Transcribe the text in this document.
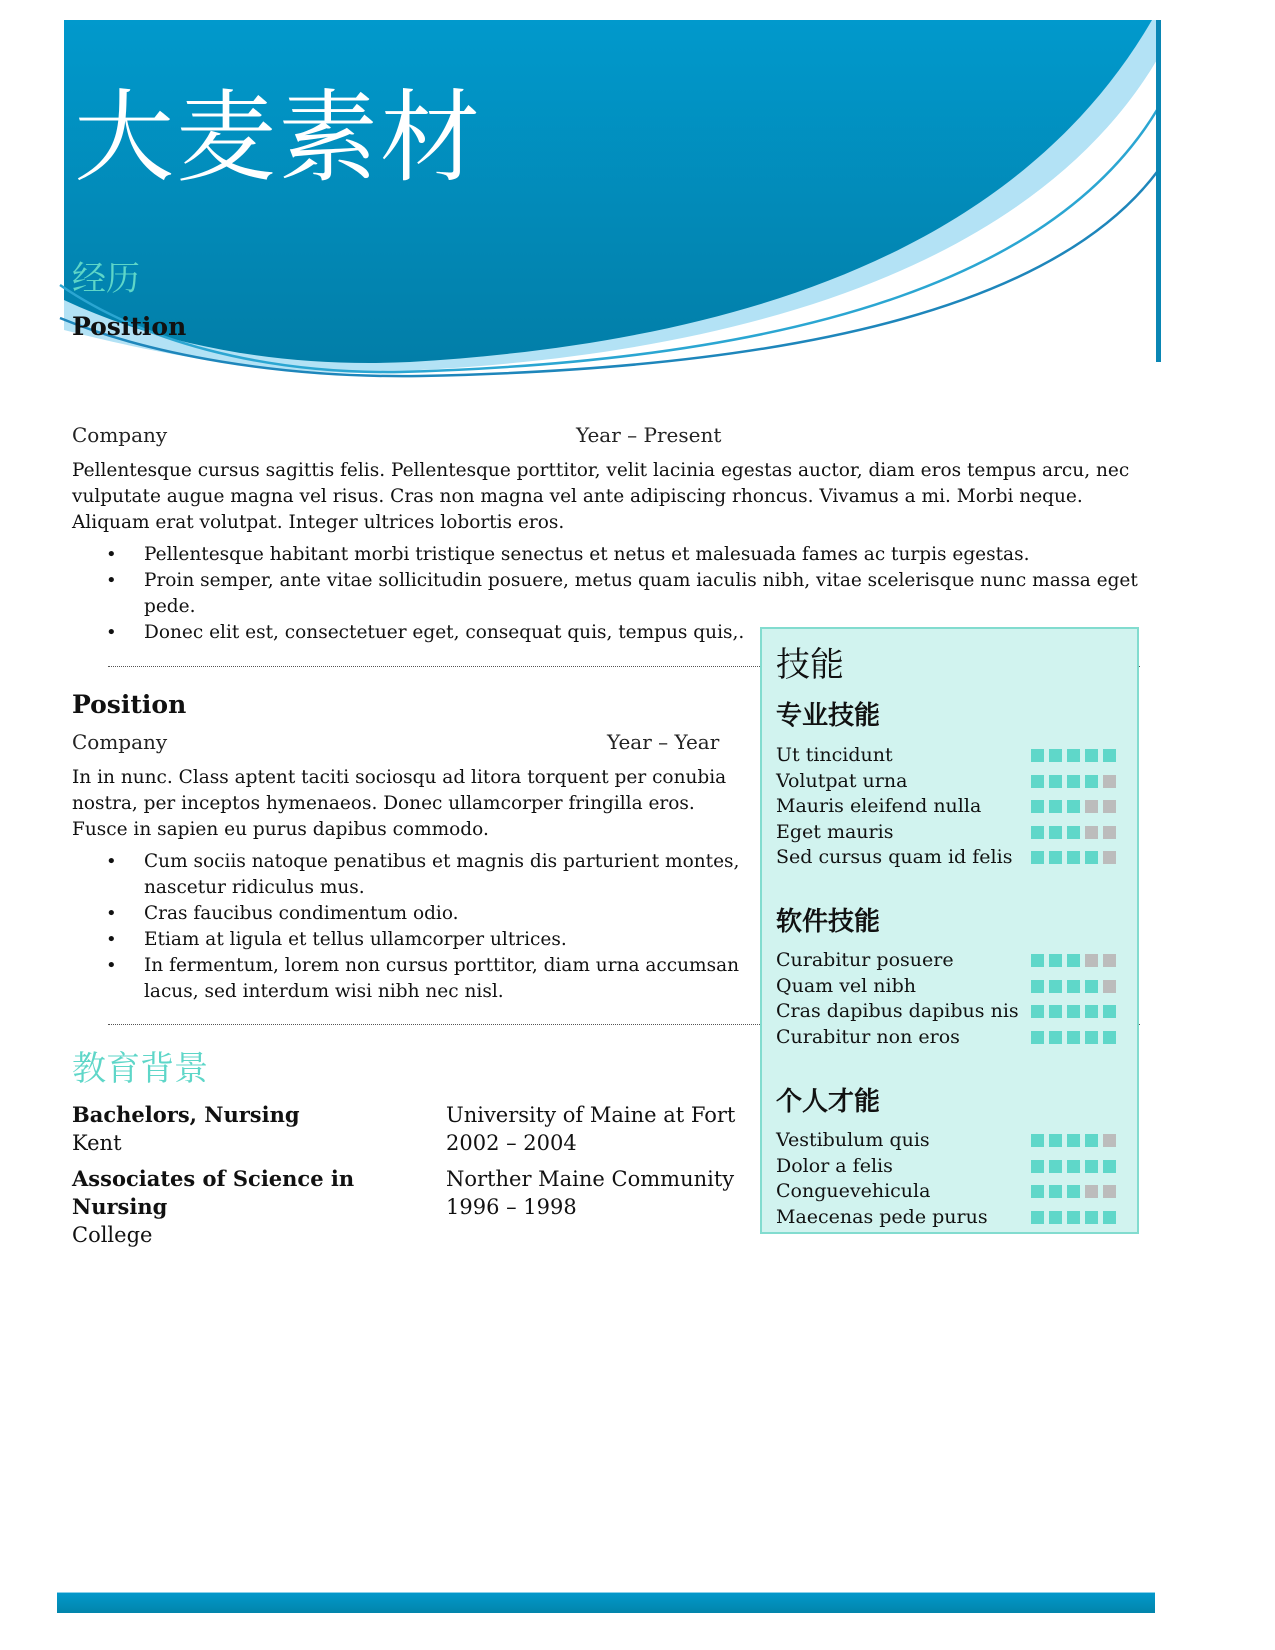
大麦素材
经历
Position
Company	Year – Present

Pellentesque cursus sagittis felis. Pellentesque porttitor, velit lacinia egestas auctor, diam eros tempus arcu, nec vulputate augue magna vel risus. Cras non magna vel ante adipiscing rhoncus. Vivamus a mi. Morbi neque. Aliquam erat volutpat. Integer ultrices lobortis eros.

• Pellentesque habitant morbi tristique senectus et netus et malesuada fames ac turpis egestas.
• Proin semper, ante vitae sollicitudin posuere, metus quam iaculis nibh, vitae scelerisque nunc massa eget pede.
• Donec elit est, consectetuer eget, consequat quis, tempus quis,.
Position
Company	Year – Year

In in nunc. Class aptent taciti sociosqu ad litora torquent per conubia nostra, per inceptos hymenaeos. Donec ullamcorper fringilla eros. Fusce in sapien eu purus dapibus commodo.

• Cum sociis natoque penatibus et magnis dis parturient montes, nascetur ridiculus mus.
• Cras faucibus condimentum odio.
• Etiam at ligula et tellus ullamcorper ultrices.
• In fermentum, lorem non cursus porttitor, diam urna accumsan lacus, sed interdum wisi nibh nec nisl.
教育背景
Bachelors, Nursing
Kent
University of Maine at Fort
2002 – 2004
Associates of Science in Nursing
College
Norther Maine Community
1996 – 1998
技能
专业技能
Ut tincidunt
Volutpat urna
Mauris eleifend nulla
Eget mauris
Sed cursus quam id felis
软件技能
Curabitur posuere
Quam vel nibh
Cras dapibus dapibus nis
Curabitur non eros
个人才能
Vestibulum quis
Dolor a felis
Conguevehicula
Maecenas pede purus
